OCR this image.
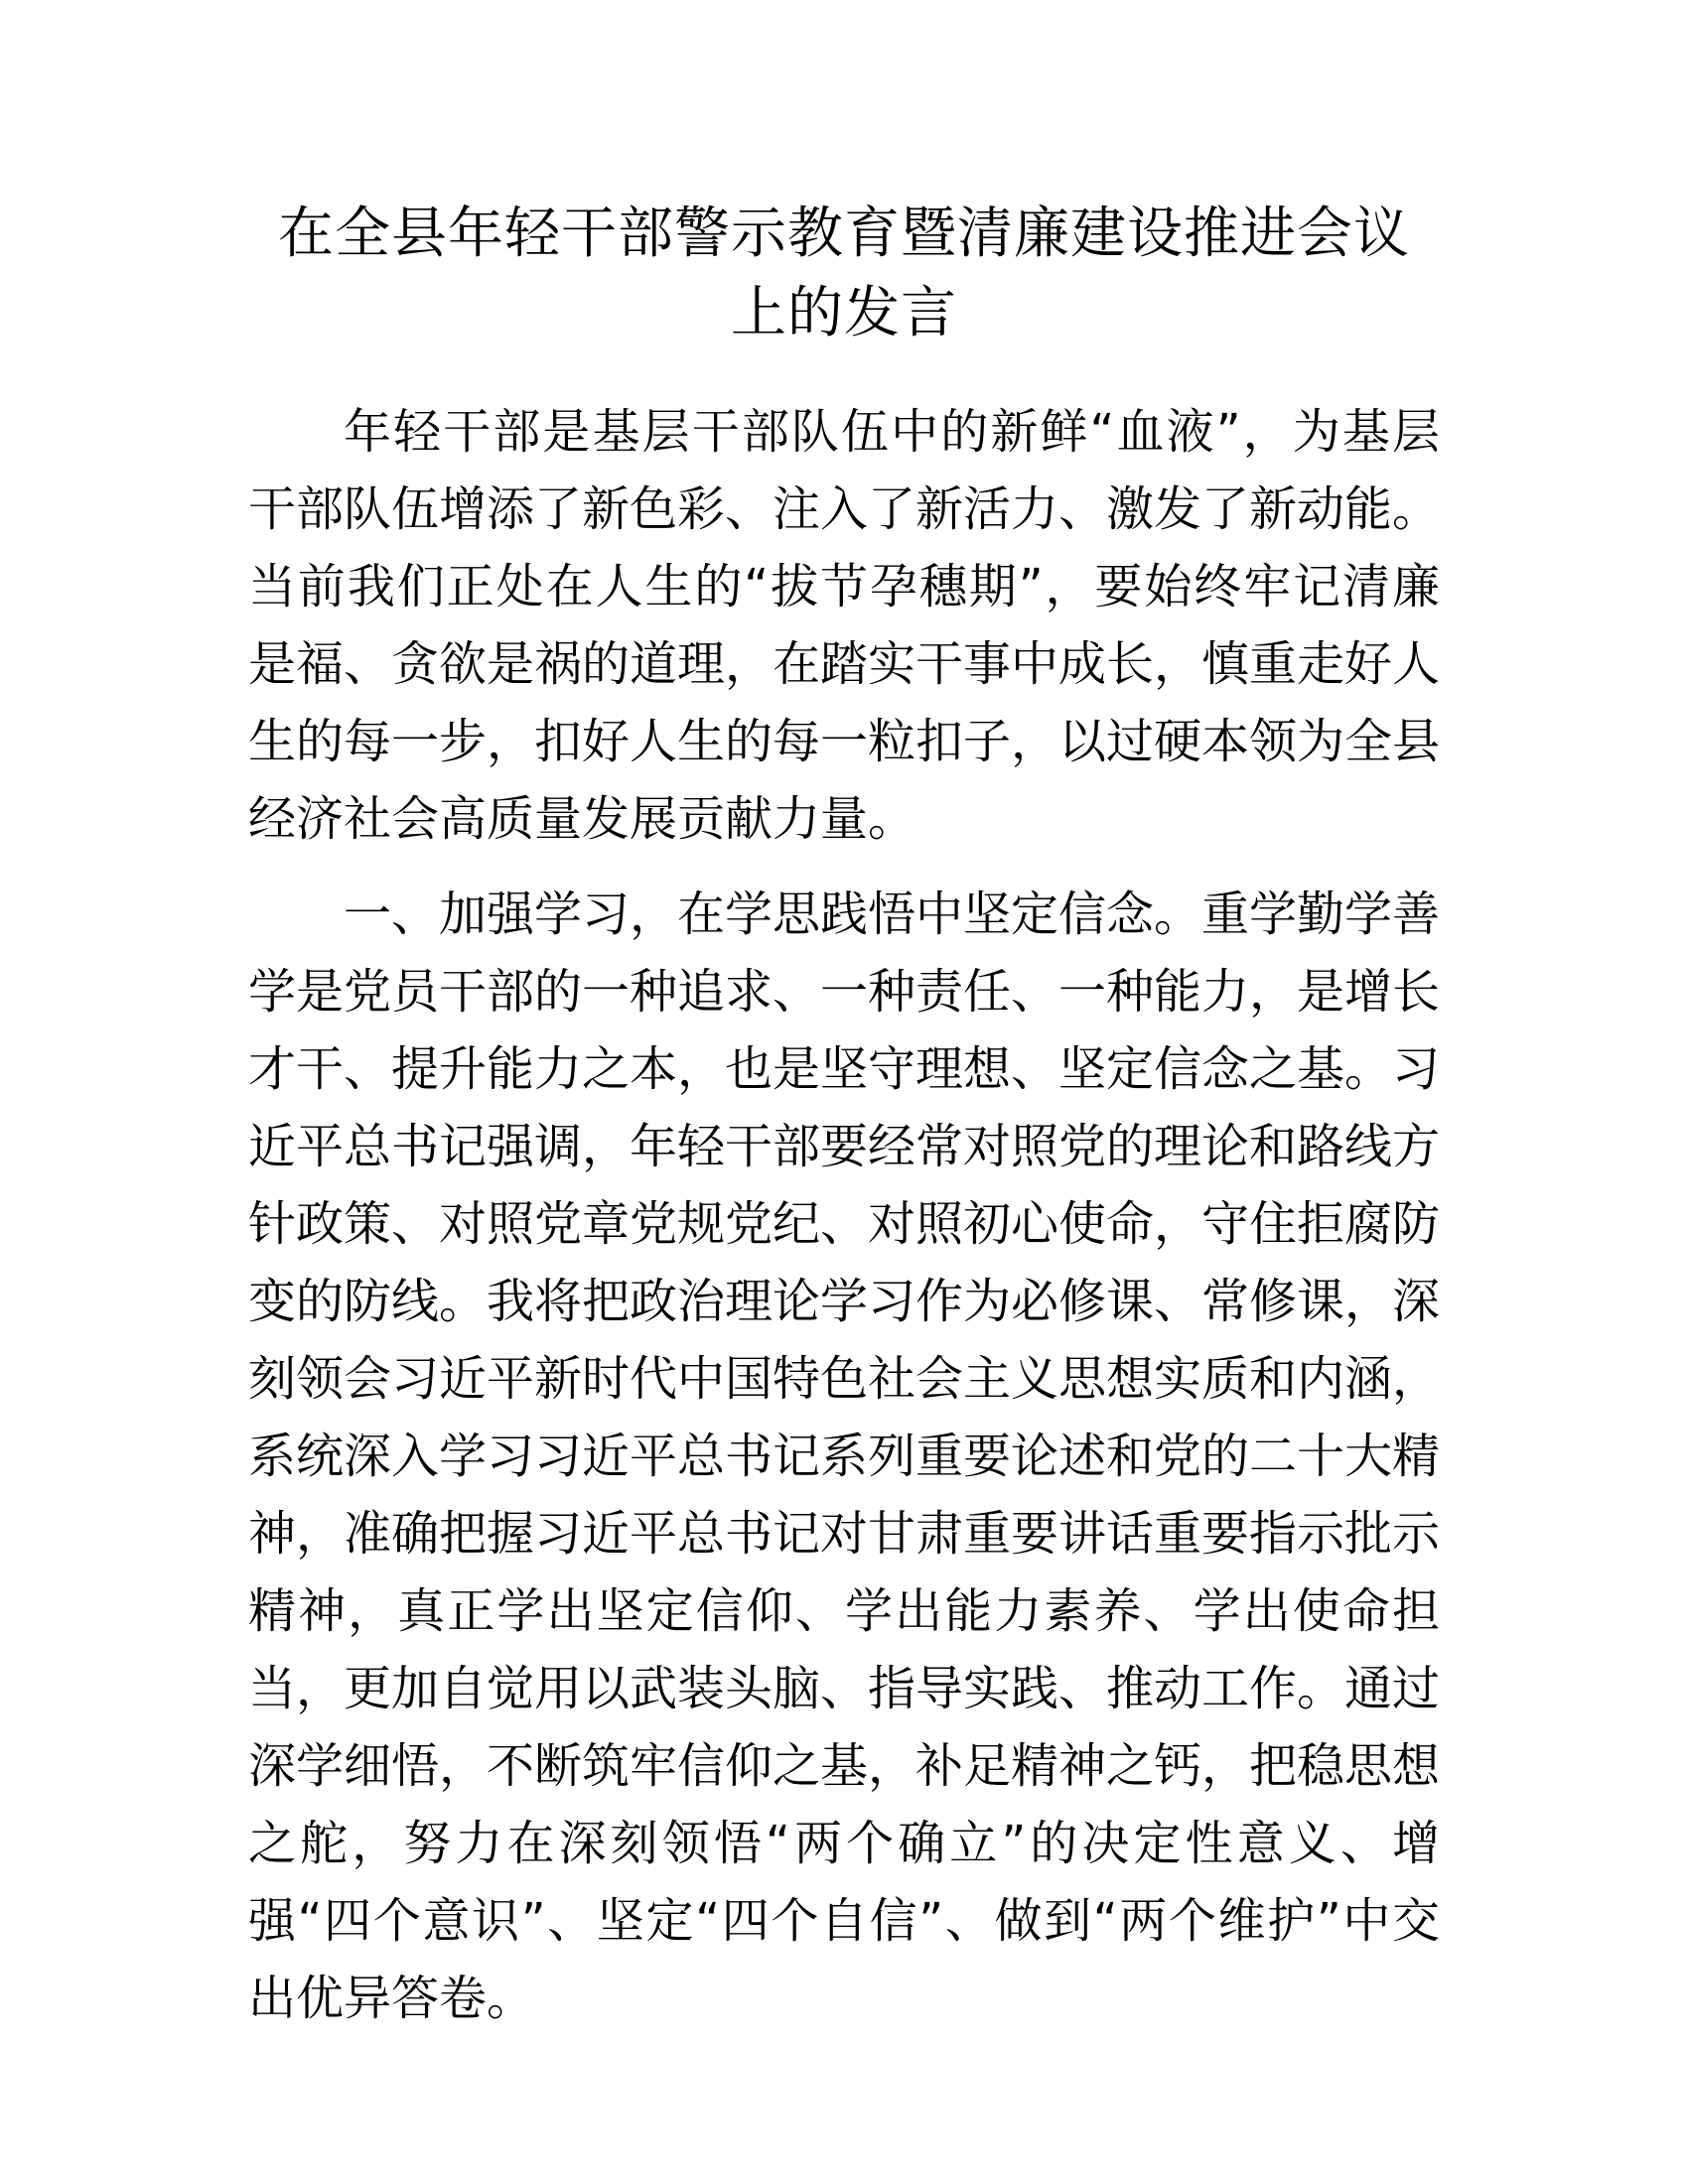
在全县年轻干部警示教育暨清廉建设推进会议
上的发言

年轻干部是基层干部队伍中的新鲜“血液”，为基层干部队伍增添了新色彩、注入了新活力、激发了新动能。当前我们正处在人生的“拔节孕穗期”，要始终牢记清廉是福、贪欲是祸的道理，在踏实干事中成长，慎重走好人生的每一步，扣好人生的每一粒扣子，以过硬本领为全县经济社会高质量发展贡献力量。

一、加强学习，在学思践悟中坚定信念。重学勤学善学是党员干部的一种追求、一种责任、一种能力，是增长才干、提升能力之本，也是坚守理想、坚定信念之基。习近平总书记强调，年轻干部要经常对照党的理论和路线方针政策、对照党章党规党纪、对照初心使命，守住拒腐防变的防线。我将把政治理论学习作为必修课、常修课，深刻领会习近平新时代中国特色社会主义思想实质和内涵，系统深入学习习近平总书记系列重要论述和党的二十大精神，准确把握习近平总书记对甘肃重要讲话重要指示批示精神，真正学出坚定信仰、学出能力素养、学出使命担当，更加自觉用以武装头脑、指导实践、推动工作。通过深学细悟，不断筑牢信仰之基，补足精神之钙，把稳思想之舵，努力在深刻领悟“两个确立”的决定性意义、增强“四个意识”、坚定“四个自信”、做到“两个维护”中交出优异答卷。
